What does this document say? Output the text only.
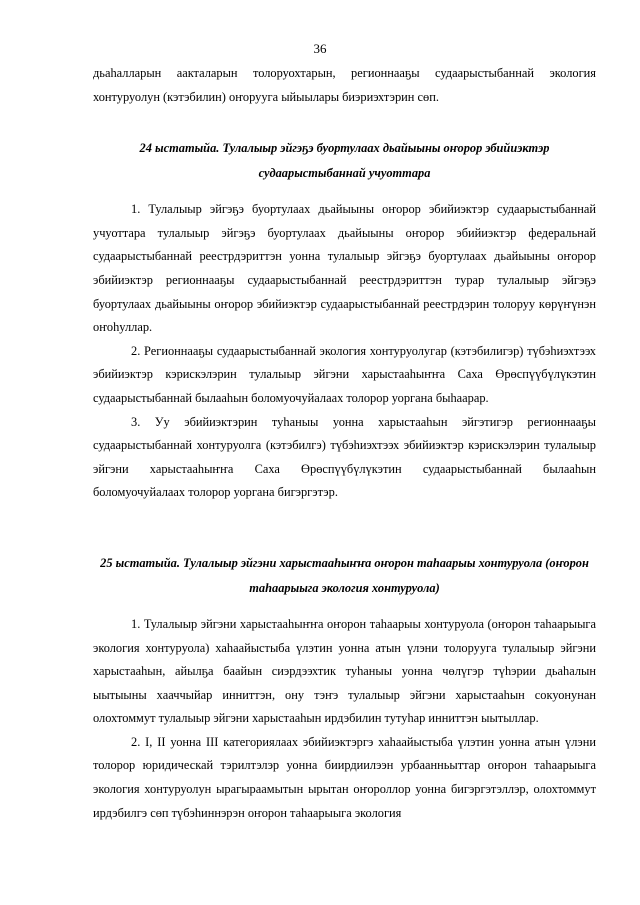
36

дьаһалларын аакталарын толоруохтарын, регионнааҕы судаарыстыбаннай экология хонтуруолун (кэтэбилин) оҥорууга ыйыылары биэриэхтэрин сөп.

24 ыстатыйа. Тулалыыр эйгэҕэ буортулаах дьайыыны оҥорор эбийиэктэр судаарыстыбаннай учуоттара

1. Тулалыыр эйгэҕэ буортулаах дьайыыны оҥорор эбийиэктэр судаарыстыбаннай учуоттара тулалыыр эйгэҕэ буортулаах дьайыыны оҥорор эбийиэктэр федеральнай судаарыстыбаннай реестрдэриттэн уонна тулалыыр эйгэҕэ буортулаах дьайыыны оҥорор эбийиэктэр регионнааҕы судаарыстыбаннай реестрдэриттэн турар тулалыыр эйгэҕэ буортулаах дьайыыны оҥорор эбийиэктэр судаарыстыбаннай реестрдэрин толоруу көрүҥүнэн оҥоһуллар.

2. Регионнааҕы судаарыстыбаннай экология хонтуруолугар (кэтэбилигэр) түбэһиэхтээх эбийиэктэр кэрискэлэрин тулалыыр эйгэни харыстааһыҥҥа Саха Өрөспүүбүлүкэтин судаарыстыбаннай былааһын боломуочуйалаах толорор уоргана быһаарар.

3. Уу эбийиэктэрин туһаныы уонна харыстааһын эйгэтигэр регионнааҕы судаарыстыбаннай хонтуруолга (кэтэбилгэ) түбэһиэхтээх эбийиэктэр кэрискэлэрин тулалыыр эйгэни харыстааһыҥҥа Саха Өрөспүүбүлүкэтин судаарыстыбаннай былааһын боломуочуйалаах толорор уоргана бигэргэтэр.

25 ыстатыйа. Тулалыыр эйгэни харыстааһыҥҥа оҥорон таһаарыы хонтуруола (оҥорон таһаарыыга экология хонтуруола)

1. Тулалыыр эйгэни харыстааһыҥҥа оҥорон таһаарыы хонтуруола (оҥорон таһаарыыга экология хонтуруола) хаһаайыстыба үлэтин уонна атын үлэни толорууга тулалыыр эйгэни харыстааһын, айылҕа баайын сиэрдээхтик туһаныы уонна чөлүгэр түһэрии дьаһалын ыытыыны хааччыйар инниттэн, ону тэҥэ тулалыыр эйгэни харыстааһын сокуонунан олохтоммут тулалыыр эйгэни харыстааһын ирдэбилин тутуһар инниттэн ыытыллар.

2. I, II уонна III категориялаах эбийиэктэргэ хаһаайыстыба үлэтин уонна атын үлэни толорор юридическай тэрилтэлэр уонна биирдиилээн урбаанньыттар оҥорон таһаарыыга экология хонтуруолун ырагыраамытын ырытан оҥороллор уонна бигэргэтэллэр, олохтоммут ирдэбилгэ сөп түбэһиннэрэн оҥорон таһаарыыга экология
